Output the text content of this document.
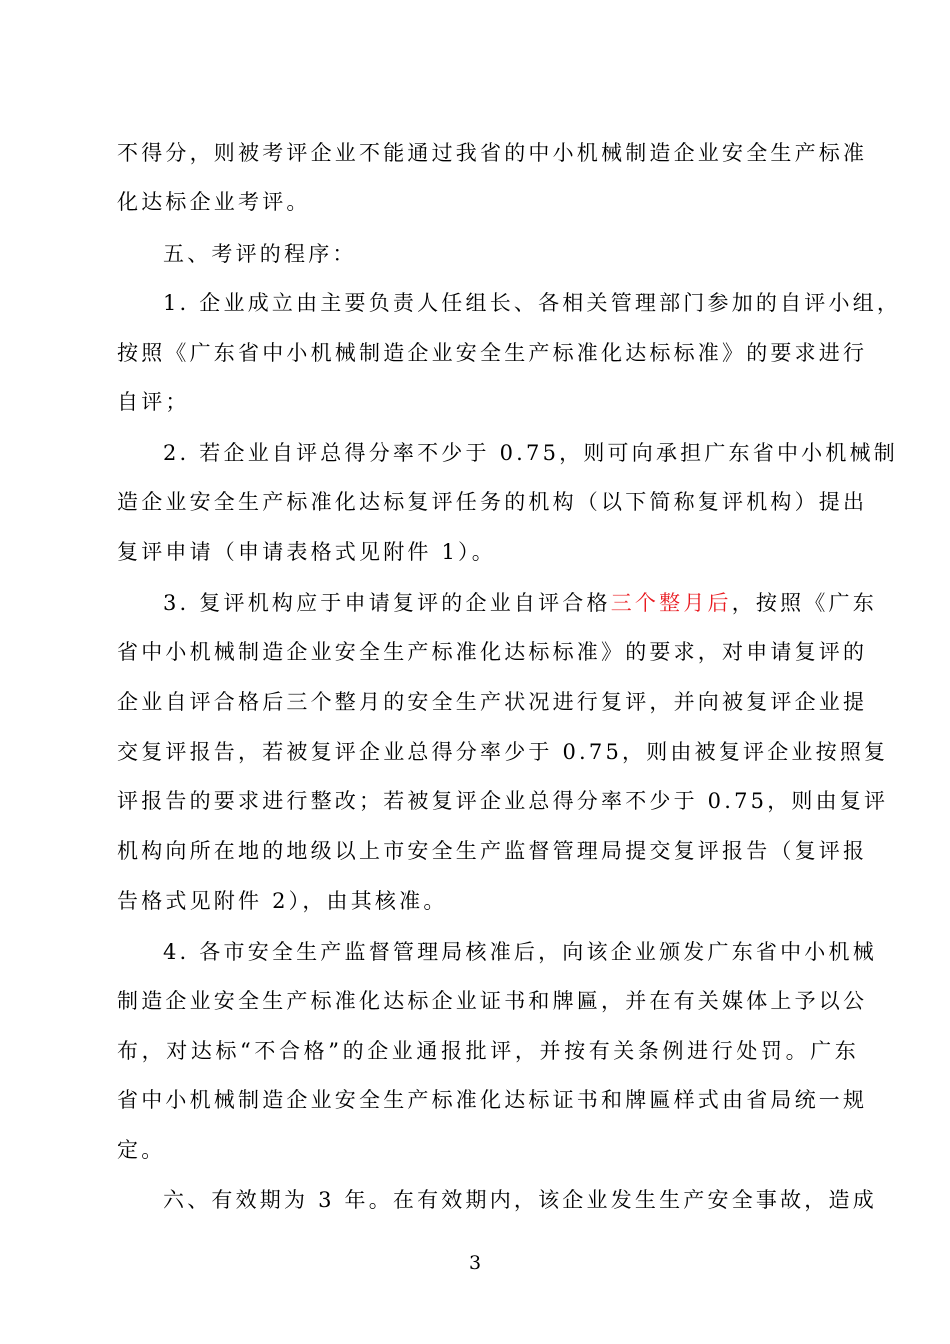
不得分，则被考评企业不能通过我省的中小机械制造企业安全生产标准
化达标企业考评。
五、考评的程序：
1. 企业成立由主要负责人任组长、各相关管理部门参加的自评小组，
按照《广东省中小机械制造企业安全生产标准化达标标准》的要求进行
自评；
2. 若企业自评总得分率不少于 0.75，则可向承担广东省中小机械制
造企业安全生产标准化达标复评任务的机构（以下简称复评机构）提出
复评申请（申请表格式见附件 1）。
3. 复评机构应于申请复评的企业自评合格三个整月后，按照《广东
省中小机械制造企业安全生产标准化达标标准》的要求，对申请复评的
企业自评合格后三个整月的安全生产状况进行复评，并向被复评企业提
交复评报告，若被复评企业总得分率少于 0.75，则由被复评企业按照复
评报告的要求进行整改；若被复评企业总得分率不少于 0.75，则由复评
机构向所在地的地级以上市安全生产监督管理局提交复评报告（复评报
告格式见附件 2），由其核准。
4. 各市安全生产监督管理局核准后，向该企业颁发广东省中小机械
制造企业安全生产标准化达标企业证书和牌匾，并在有关媒体上予以公
布，对达标“不合格”的企业通报批评，并按有关条例进行处罚。广东
省中小机械制造企业安全生产标准化达标证书和牌匾样式由省局统一规
定。
六、有效期为 3 年。在有效期内，该企业发生生产安全事故，造成
3
